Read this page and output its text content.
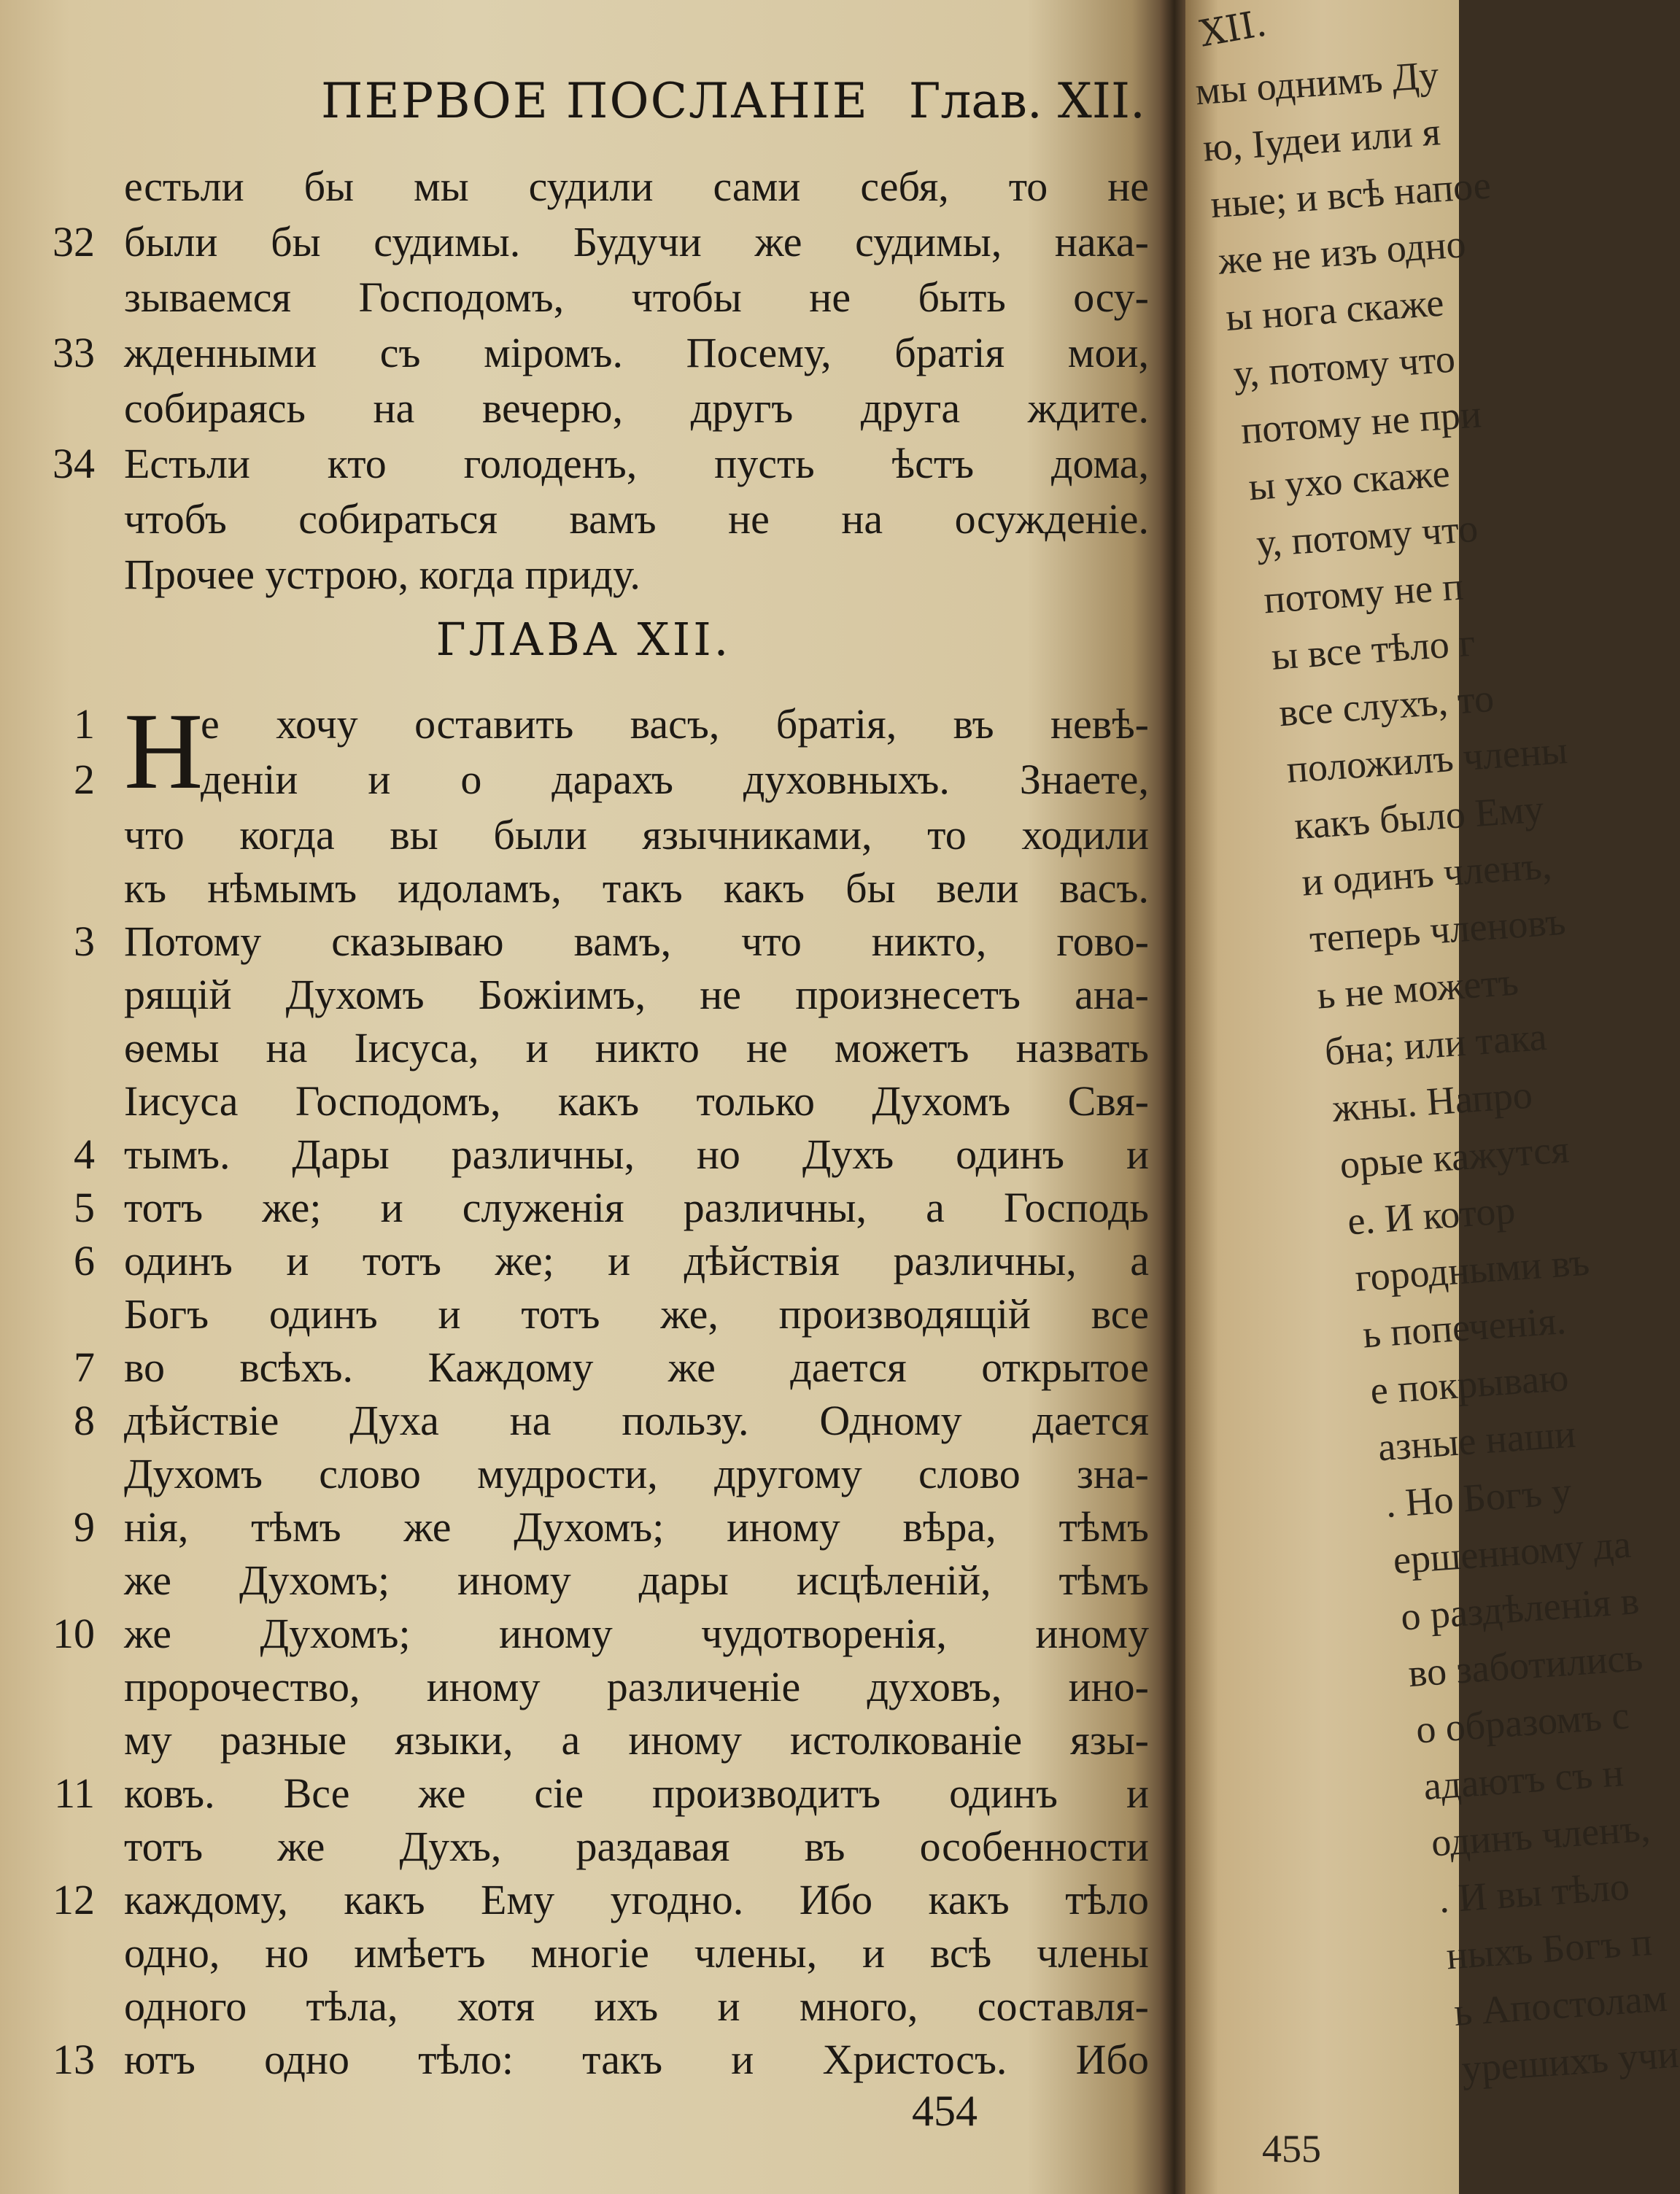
ПЕРВОЕ ПОСЛАНІЕ Глав. XII.
естьли бы мы судили сами себя, то не
32 были бы судимы. Будучи же судимы, нака-
зываемся Господомъ, чтобы не быть осу-
33 жденными съ міромъ. Посему, братія мои,
собираясь на вечерю, другъ друга ждите.
34 Естьли кто голоденъ, пусть ѣстъ дома,
чтобъ собираться вамъ не на осужденіе.
Прочее устрою, когда приду.
ГЛАВА XII.
Н
1	е хочу оставить васъ, братія, въ невѣ-
2	деніи и о дарахъ духовныхъ. Знаете,
что когда вы были язычниками, то ходили
къ нѣмымъ идоламъ, такъ какъ бы вели васъ.
3 Потому сказываю вамъ, что никто, гово-
рящій Духомъ Божіимъ, не произнесетъ ана-
ѳемы на Іисуса, и никто не можетъ назвать
Іисуса Господомъ, какъ только Духомъ Свя-
4 тымъ. Дары различны, но Духъ одинъ и
5 тотъ же; и служенія различны, а Господь
6 одинъ и тотъ же; и дѣйствія различны, а
Богъ одинъ и тотъ же, производящій все
7 во всѣхъ. Каждому же дается открытое
8 дѣйствіе Духа на пользу. Одному дается
Духомъ слово мудрости, другому слово зна-
9 нія, тѣмъ же Духомъ; иному вѣра, тѣмъ
же Духомъ; иному дары исцѣленій, тѣмъ
10 же Духомъ; иному чудотворенія, иному
пророчество, иному различеніе духовъ, ино-
му разные языки, а иному истолкованіе язы-
11 ковъ. Все же сіе производитъ одинъ и
тотъ же Духъ, раздавая въ особенности
12 каждому, какъ Ему угодно. Ибо какъ тѣло
одно, но имѣетъ многіе члены, и всѣ члены
одного тѣла, хотя ихъ и много, составля-
13 ютъ одно тѣло: такъ и Христосъ. Ибо
454
XII.
мы однимъ Ду
ю, Іудеи или я
ные; и всѣ напое
же не изъ одно
ы нога скаже
у, потому что
потому не при
ы ухо скаже
у, потому что
потому не п
ы все тѣло г
все слухъ, то
положилъ члены
какъ было Ему
и одинъ членъ,
теперь членовъ
ь не можетъ
бна; или така
жны. Напро
орые кажутся
е. И котор
городными въ
ь попеченія.
е покрываю
азные наши
. Но Богъ у
ершенному да
о раздѣленія в
во заботились
о образомъ с
адаютъ съ н
одинъ членъ,
. И вы тѣло
ныхъ Богъ п
ь Апостолам
урешихъ учи
455
